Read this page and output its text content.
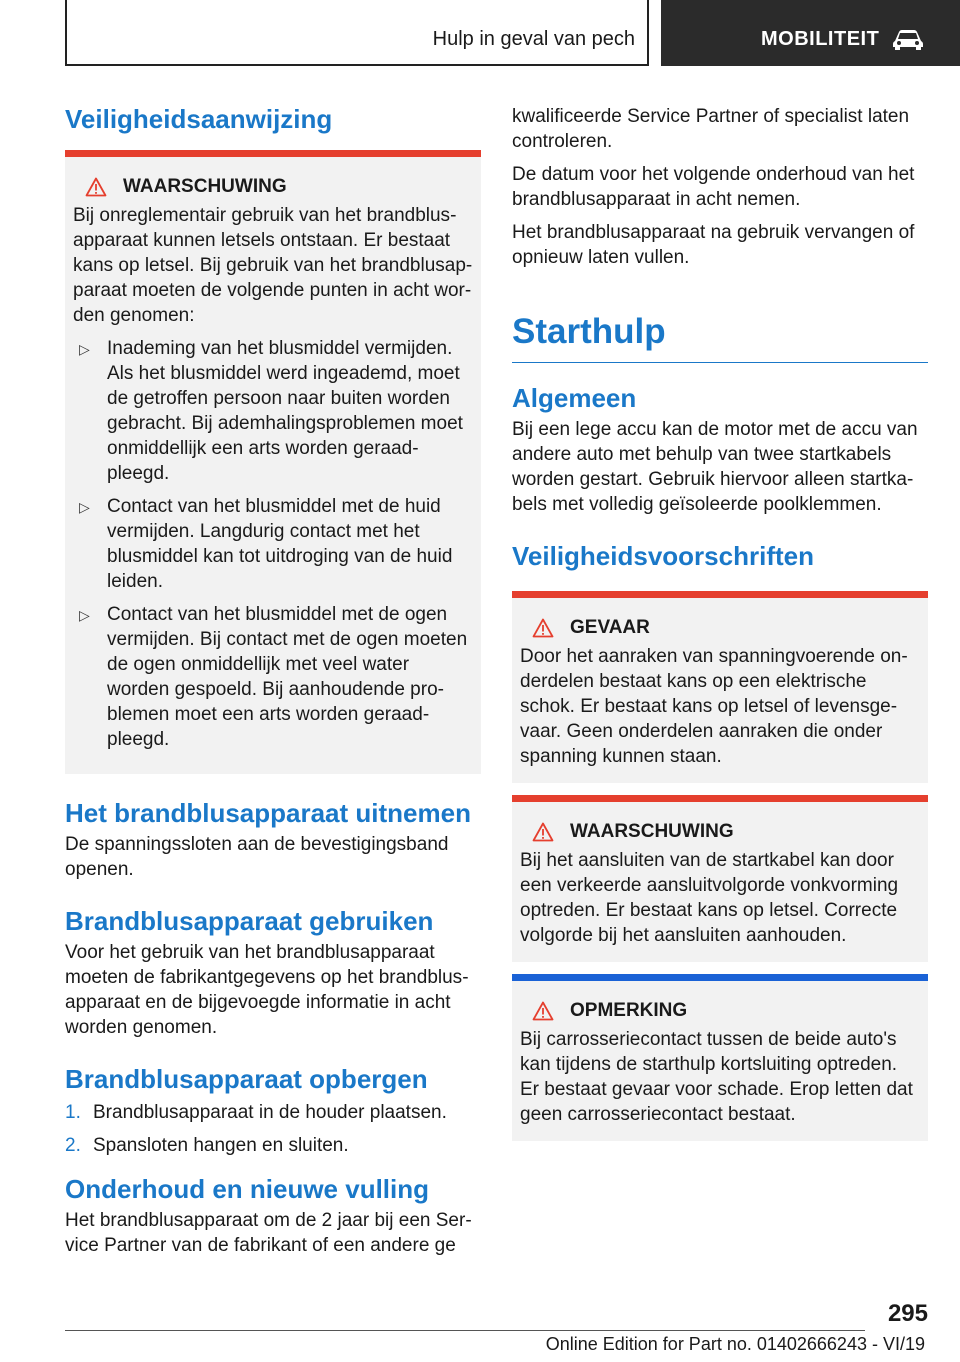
Hulp in geval van pech	MOBILITEIT
Veiligheidsaanwijzing
WAARSCHUWING

Bij onreglementair gebruik van het brandblusapparaat kunnen letsels ontstaan. Er bestaat kans op letsel. Bij gebruik van het brandblusapparaat moeten de volgende punten in acht worden genomen:

▷ Inademing van het blusmiddel vermijden. Als het blusmiddel werd ingeademd, moet de getroffen persoon naar buiten worden gebracht. Bij ademhalingsproblemen moet onmiddellijk een arts worden geraadpleegd.
▷ Contact van het blusmiddel met de huid vermijden. Langdurig contact met het blusmiddel kan tot uitdroging van de huid leiden.
▷ Contact van het blusmiddel met de ogen vermijden. Bij contact met de ogen moeten de ogen onmiddellijk met veel water worden gespoeld. Bij aanhoudende problemen moet een arts worden geraadpleegd.
Het brandblusapparaat uitnemen

De spanningssloten aan de bevestigingsband openen.

Brandblusapparaat gebruiken

Voor het gebruik van het brandblusapparaat moeten de fabrikantgegevens op het brandblusapparaat en de bijgevoegde informatie in acht worden genomen.

Brandblusapparaat opbergen
1. Brandblusapparaat in de houder plaatsen.
2. Spansloten hangen en sluiten.
Onderhoud en nieuwe vulling

Het brandblusapparaat om de 2 jaar bij een Service Partner van de fabrikant of een andere ge

kwalificeerde Service Partner of specialist laten controleren.

De datum voor het volgende onderhoud van het brandblusapparaat in acht nemen.

Het brandblusapparaat na gebruik vervangen of opnieuw laten vullen.

Starthulp
Algemeen

Bij een lege accu kan de motor met de accu van andere auto met behulp van twee startkabels worden gestart. Gebruik hiervoor alleen startkabels met volledig geïsoleerde poolklemmen.

Veiligheidsvoorschriften
GEVAAR

Door het aanraken van spanningvoerende onderdelen bestaat kans op een elektrische schok. Er bestaat kans op letsel of levensgevaar. Geen onderdelen aanraken die onder spanning kunnen staan.

WAARSCHUWING

Bij het aansluiten van de startkabel kan door een verkeerde aansluitvolgorde vonkvorming optreden. Er bestaat kans op letsel. Correcte volgorde bij het aansluiten aanhouden.

OPMERKING

Bij carrosseriecontact tussen de beide auto's kan tijdens de starthulp kortsluiting optreden. Er bestaat gevaar voor schade. Erop letten dat geen carrosseriecontact bestaat.

295
Online Edition for Part no. 01402666243 - VI/19
